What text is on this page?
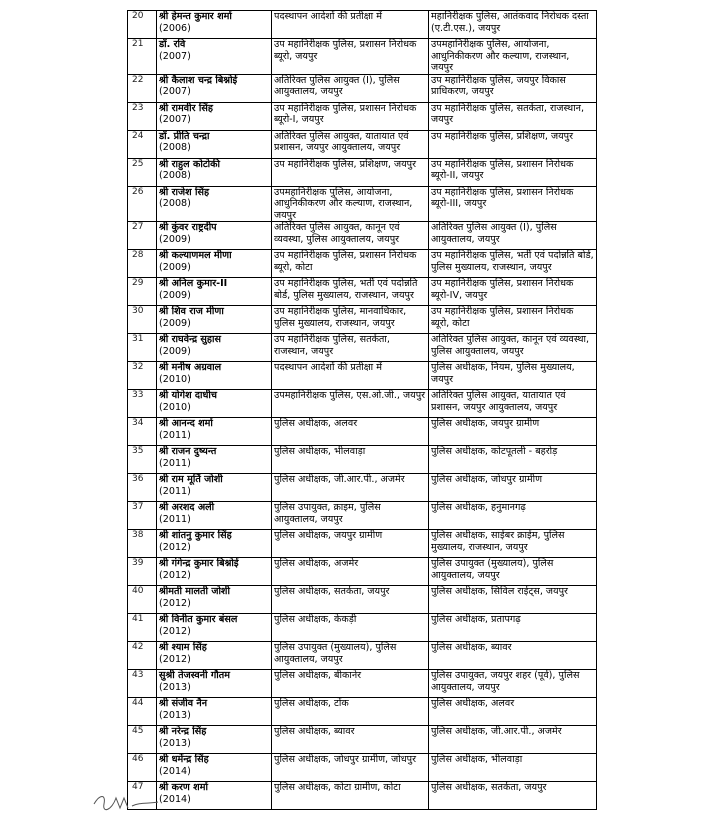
20	श्री हेमन्त कुमार शर्मा
(2006)	पदस्थापन आदेशों की प्रतीक्षा में	महानिरीक्षक पुलिस, आतंकवाद निरोधक दस्ता (ए.टी.एस.), जयपुर
21	डॉ. रवि
(2007)	उप महानिरीक्षक पुलिस, प्रशासन निरोधक ब्यूरो, जयपुर	उपमहानिरीक्षक पुलिस, आयोजना, आधुनिकीकरण और कल्याण, राजस्थान, जयपुर
22	श्री कैलाश चन्द्र बिश्नोई
(2007)	अतिरिक्त पुलिस आयुक्त (I), पुलिस आयुक्तालय, जयपुर	उप महानिरीक्षक पुलिस, जयपुर विकास प्राधिकरण, जयपुर
23	श्री रामवीर सिंह
(2007)	उप महानिरीक्षक पुलिस, प्रशासन निरोधक ब्यूरो-I, जयपुर	उप महानिरीक्षक पुलिस, सतर्कता, राजस्थान, जयपुर
24	डॉ. प्रीति चन्द्रा
(2008)	अतिरिक्त पुलिस आयुक्त, यातायात एवं प्रशासन, जयपुर आयुक्तालय, जयपुर	उप महानिरीक्षक पुलिस, प्रशिक्षण, जयपुर
25	श्री राहुल कोटोकी
(2008)	उप महानिरीक्षक पुलिस, प्रशिक्षण, जयपुर	उप महानिरीक्षक पुलिस, प्रशासन निरोधक ब्यूरो-II, जयपुर
26	श्री राजेश सिंह
(2008)	उपमहानिरीक्षक पुलिस, आयोजना, आधुनिकीकरण और कल्याण, राजस्थान, जयपुर	उप महानिरीक्षक पुलिस, प्रशासन निरोधक ब्यूरो-III, जयपुर
27	श्री कुंवर राष्ट्रदीप
(2009)	अतिरिक्त पुलिस आयुक्त, कानून एवं व्यवस्था, पुलिस आयुक्तालय, जयपुर	अतिरिक्त पुलिस आयुक्त (I), पुलिस आयुक्तालय, जयपुर
28	श्री कल्याणमल मीणा
(2009)	उप महानिरीक्षक पुलिस, प्रशासन निरोधक ब्यूरो, कोटा	उप महानिरीक्षक पुलिस, भर्ती एवं पदोन्नति बोर्ड, पुलिस मुख्यालय, राजस्थान, जयपुर
29	श्री अनिल कुमार-II
(2009)	उप महानिरीक्षक पुलिस, भर्ती एवं पदोन्नति बोर्ड, पुलिस मुख्यालय, राजस्थान, जयपुर	उप महानिरीक्षक पुलिस, प्रशासन निरोधक ब्यूरो-IV, जयपुर
30	श्री शिव राज मीणा
(2009)	उप महानिरीक्षक पुलिस, मानवाधिकार, पुलिस मुख्यालय, राजस्थान, जयपुर	उप महानिरीक्षक पुलिस, प्रशासन निरोधक ब्यूरो, कोटा
31	श्री राघवेन्द्र सुहास
(2009)	उप महानिरीक्षक पुलिस, सतर्कता, राजस्थान, जयपुर	अतिरिक्त पुलिस आयुक्त, कानून एवं व्यवस्था, पुलिस आयुक्तालय, जयपुर
32	श्री मनीष अग्रवाल
(2010)	पदस्थापन आदेशों की प्रतीक्षा में	पुलिस अधीक्षक, नियम, पुलिस मुख्यालय, जयपुर
33	श्री योगेश दाधीच
(2010)	उपमहानिरीक्षक पुलिस, एस.ओ.जी., जयपुर	अतिरिक्त पुलिस आयुक्त, यातायात एवं प्रशासन, जयपुर आयुक्तालय, जयपुर
34	श्री आनन्द शर्मा
(2011)	पुलिस अधीक्षक, अलवर	पुलिस अधीक्षक, जयपुर ग्रामीण
35	श्री राजन दुष्यन्त
(2011)	पुलिस अधीक्षक, भीलवाड़ा	पुलिस अधीक्षक, कोटपूतली - बहरोड़
36	श्री राम मूर्ति जोशी
(2011)	पुलिस अधीक्षक, जी.आर.पी., अजमेर	पुलिस अधीक्षक, जोधपुर ग्रामीण
37	श्री अरशद अली
(2011)	पुलिस उपायुक्त, क्राइम, पुलिस आयुक्तालय, जयपुर	पुलिस अधीक्षक, हनुमानगढ़
38	श्री शांतनु कुमार सिंह
(2012)	पुलिस अधीक्षक, जयपुर ग्रामीण	पुलिस अधीक्षक, साईबर क्राईम, पुलिस मुख्यालय, राजस्थान, जयपुर
39	श्री गंगेन्द्र कुमार बिश्नोई
(2012)	पुलिस अधीक्षक, अजमेर	पुलिस उपायुक्त (मुख्यालय), पुलिस आयुक्तालय, जयपुर
40	श्रीमती मालती जोशी
(2012)	पुलिस अधीक्षक, सतर्कता, जयपुर	पुलिस अधीक्षक, सिविल राईट्स, जयपुर
41	श्री विनीत कुमार बंसल
(2012)	पुलिस अधीक्षक, केकड़ी	पुलिस अधीक्षक, प्रतापगढ़
42	श्री श्याम सिंह
(2012)	पुलिस उपायुक्त (मुख्यालय), पुलिस आयुक्तालय, जयपुर	पुलिस अधीक्षक, ब्यावर
43	सुश्री तेजस्वनी गौतम
(2013)	पुलिस अधीक्षक, बीकानेर	पुलिस उपायुक्त, जयपुर शहर (पूर्व), पुलिस आयुक्तालय, जयपुर
44	श्री संजीव नैन
(2013)	पुलिस अधीक्षक, टोंक	पुलिस अधीक्षक, अलवर
45	श्री नरेन्द्र सिंह
(2013)	पुलिस अधीक्षक, ब्यावर	पुलिस अधीक्षक, जी.आर.पी., अजमेर
46	श्री धर्मेन्द्र सिंह
(2014)	पुलिस अधीक्षक, जोधपुर ग्रामीण, जोधपुर	पुलिस अधीक्षक, भीलवाड़ा
47	श्री करण शर्मा
(2014)	पुलिस अधीक्षक, कोटा ग्रामीण, कोटा	पुलिस अधीक्षक, सतर्कता, जयपुर
